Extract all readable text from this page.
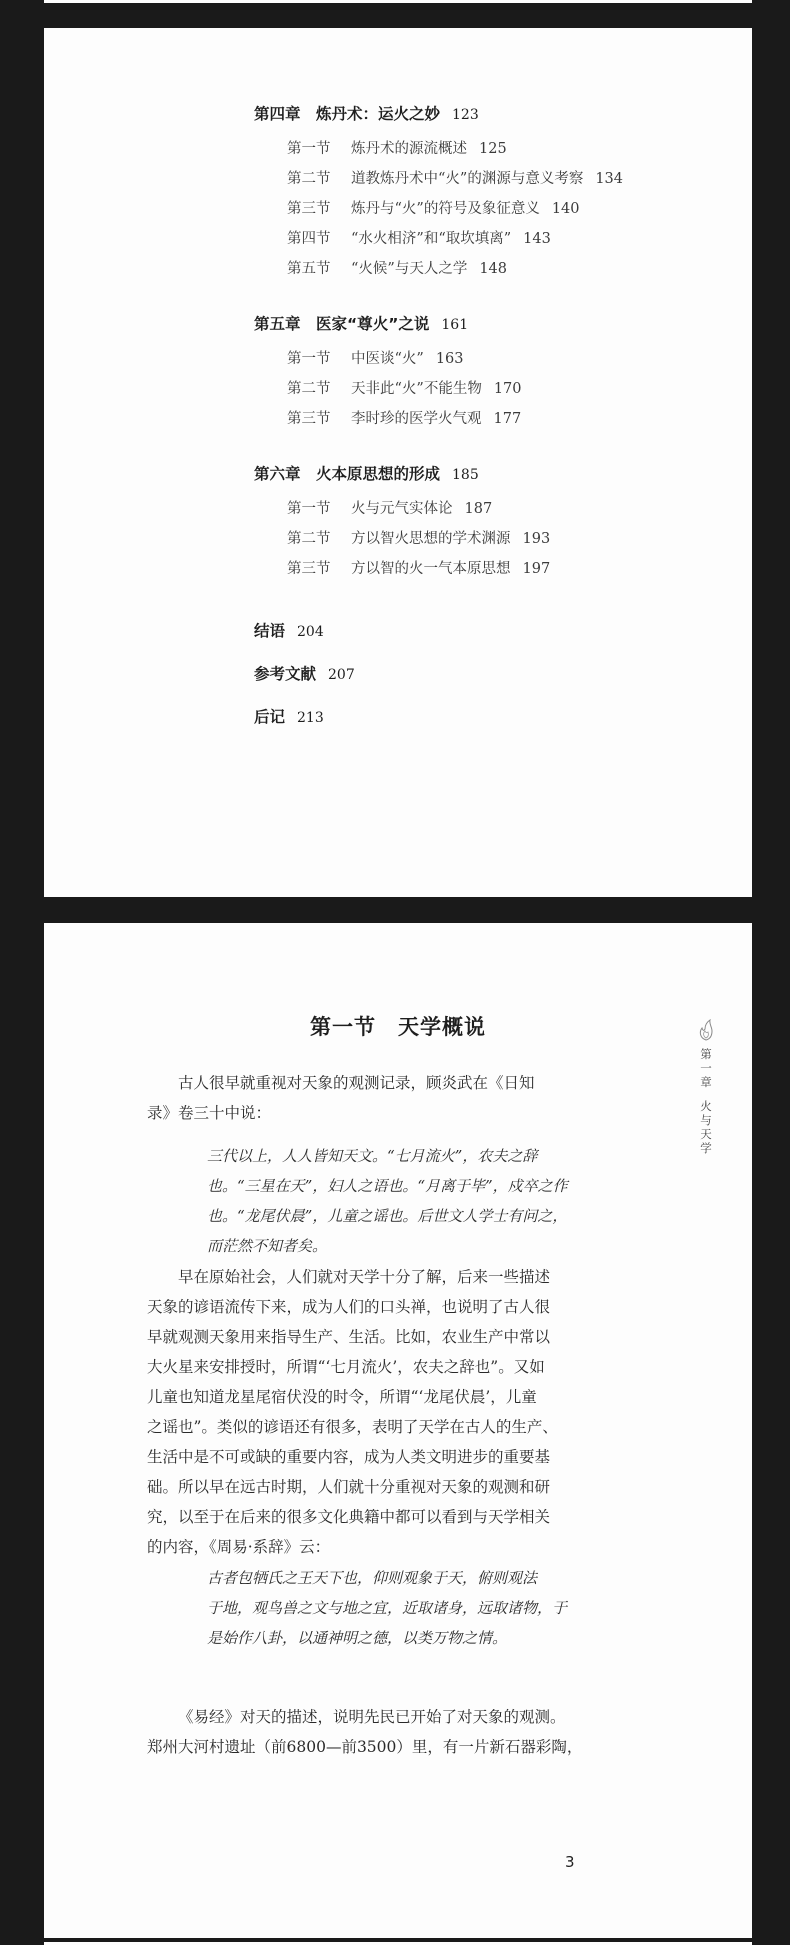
第四章　炼丹术：运火之妙 123
第一节 炼丹术的源流概述 125
第二节 道教炼丹术中“火”的渊源与意义考察 134
第三节 炼丹与“火”的符号及象征意义 140
第四节 “水火相济”和“取坎填离” 143
第五节 “火候”与天人之学 148
第五章　医家“尊火”之说 161
第一节 中医谈“火” 163
第二节 天非此“火”不能生物 170
第三节 李时珍的医学火气观 177
第六章　火本原思想的形成 185
第一节 火与元气实体论 187
第二节 方以智火思想的学术渊源 193
第三节 方以智的火一气本原思想 197
结语 204
参考文献 207
后记 213
第
一
章
火
与
天
学
第一节　天学概说
古人很早就重视对天象的观测记录，顾炎武在《日知
录》卷三十中说：
三代以上，人人皆知天文。“七月流火”，农夫之辞
也。“三星在天”，妇人之语也。“月离于毕”，戍卒之作
也。“龙尾伏晨”，儿童之谣也。后世文人学士有问之，
而茫然不知者矣。
早在原始社会，人们就对天学十分了解，后来一些描述
天象的谚语流传下来，成为人们的口头禅，也说明了古人很
早就观测天象用来指导生产、生活。比如，农业生产中常以
大火星来安排授时，所谓“‘七月流火’，农夫之辞也”。又如
儿童也知道龙星尾宿伏没的时令，所谓“‘龙尾伏晨’，儿童
之谣也”。类似的谚语还有很多，表明了天学在古人的生产、
生活中是不可或缺的重要内容，成为人类文明进步的重要基
础。所以早在远古时期，人们就十分重视对天象的观测和研
究，以至于在后来的很多文化典籍中都可以看到与天学相关
的内容，《周易·系辞》云：
古者包牺氏之王天下也，仰则观象于天，俯则观法
于地，观鸟兽之文与地之宜，近取诸身，远取诸物，于
是始作八卦，以通神明之德，以类万物之情。
《易经》对天的描述，说明先民已开始了对天象的观测。
郑州大河村遗址（前6800—前3500）里，有一片新石器彩陶，
3
